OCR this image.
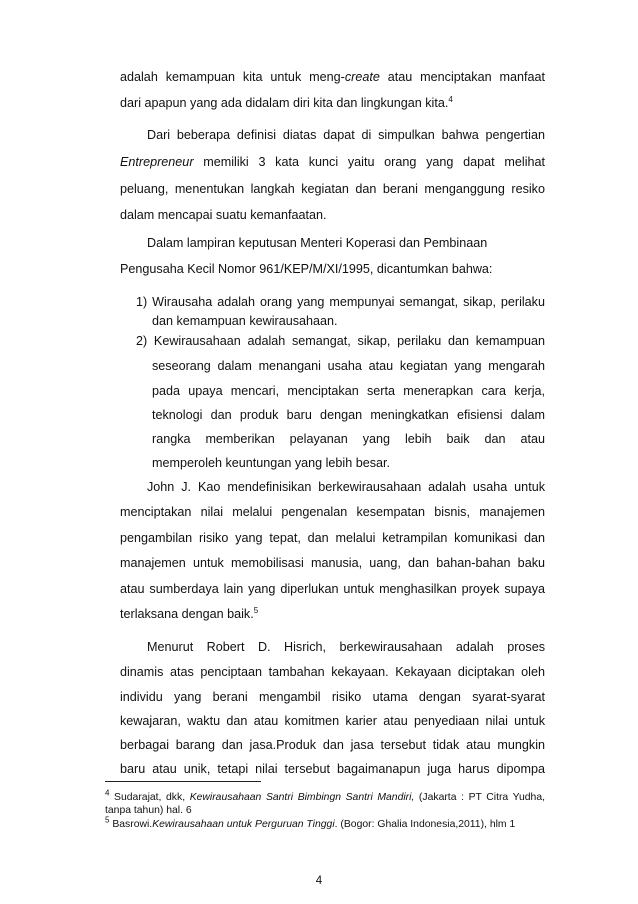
adalah kemampuan kita untuk meng-create atau menciptakan manfaat
dari apapun yang ada didalam diri kita dan lingkungan kita.$^4$
Dari beberapa definisi diatas dapat di simpulkan bahwa pengertian
Entrepreneur memiliki 3 kata kunci yaitu orang yang dapat melihat
peluang, menentukan langkah kegiatan dan berani menganggung resiko
dalam mencapai suatu kemanfaatan.
Dalam lampiran keputusan Menteri Koperasi dan Pembinaan
Pengusaha Kecil Nomor 961/KEP/M/XI/1995, dicantumkan bahwa:
1) Wirausaha adalah orang yang mempunyai semangat, sikap, perilaku
dan kemampuan kewirausahaan.
2) Kewirausahaan adalah semangat, sikap, perilaku dan kemampuan
seseorang dalam menangani usaha atau kegiatan yang mengarah
pada upaya mencari, menciptakan serta menerapkan cara kerja,
teknologi dan produk baru dengan meningkatkan efisiensi dalam
rangka memberikan pelayanan yang lebih baik dan atau
memperoleh keuntungan yang lebih besar.
John J. Kao mendefinisikan berkewirausahaan adalah usaha untuk
menciptakan nilai melalui pengenalan kesempatan bisnis, manajemen
pengambilan risiko yang tepat, dan melalui ketrampilan komunikasi dan
manajemen untuk memobilisasi manusia, uang, dan bahan-bahan baku
atau sumberdaya lain yang diperlukan untuk menghasilkan proyek supaya
terlaksana dengan baik.$^5$
Menurut Robert D. Hisrich, berkewirausahaan adalah proses
dinamis atas penciptaan tambahan kekayaan. Kekayaan diciptakan oleh
individu yang berani mengambil risiko utama dengan syarat-syarat
kewajaran, waktu dan atau komitmen karier atau penyediaan nilai untuk
berbagai barang dan jasa.Produk dan jasa tersebut tidak atau mungkin
baru atau unik, tetapi nilai tersebut bagaimanapun juga harus dipompa
$^4$ Sudarajat, dkk, Kewirausahaan Santri Bimbingn Santri Mandiri, (Jakarta : PT Citra Yudha,
tanpa tahun) hal. 6
$^5$ Basrowi.Kewirausahaan untuk Perguruan Tinggi. (Bogor: Ghalia Indonesia,2011), hlm 1
4
